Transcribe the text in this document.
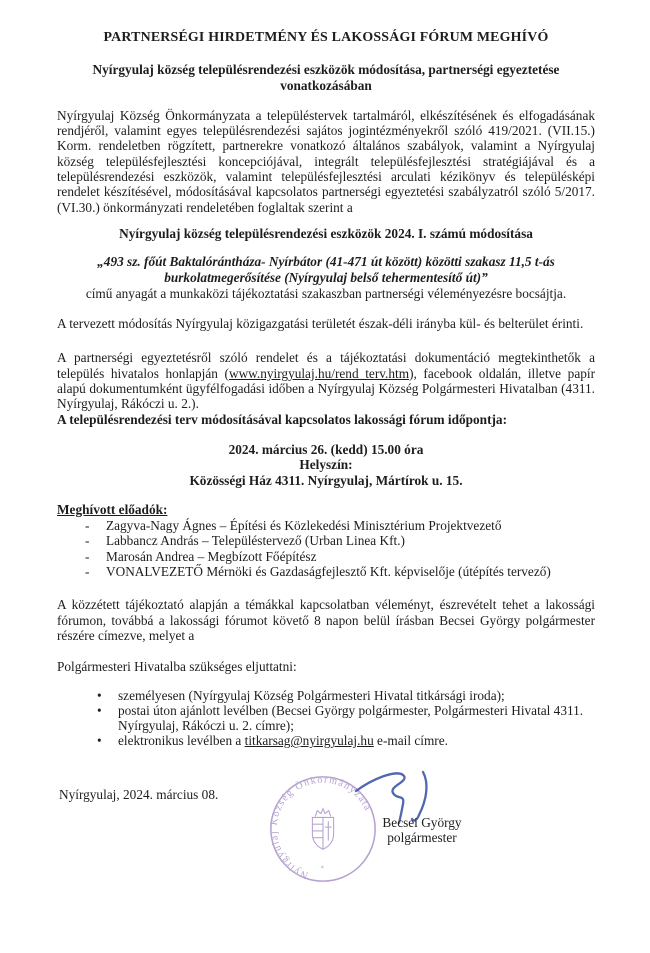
PARTNERSÉGI HIRDETMÉNY ÉS LAKOSSÁGI FÓRUM MEGHÍVÓ
Nyírgyulaj község településrendezési eszközök módosítása, partnerségi egyeztetése vonatkozásában

Nyírgyulaj Község Önkormányzata a településtervek tartalmáról, elkészítésének és elfogadásának rendjéről, valamint egyes településrendezési sajátos jogintézményekről szóló 419/2021. (VII.15.) Korm. rendeletben rögzített, partnerekre vonatkozó általános szabályok, valamint a Nyírgyulaj község településfejlesztési koncepciójával, integrált településfejlesztési stratégiájával és a településrendezési eszközök, valamint településfejlesztési arculati kézikönyv és településképi rendelet készítésével, módosításával kapcsolatos partnerségi egyeztetési szabályzatról szóló 5/2017. (VI.30.) önkormányzati rendeletében foglaltak szerint a

Nyírgyulaj község településrendezési eszközök 2024. I. számú módosítása

„493 sz. főút Baktalórántháza- Nyírbátor (41-471 út között) közötti szakasz 11,5 t-ás burkolatmegerősítése (Nyírgyulaj belső tehermentesítő út)”

című anyagát a munkaközi tájékoztatási szakaszban partnerségi véleményezésre bocsájtja.

A tervezett módosítás Nyírgyulaj közigazgatási területét észak-déli irányba kül- és belterület érinti.

A partnerségi egyeztetésről szóló rendelet és a tájékoztatási dokumentáció megtekinthetők a település hivatalos honlapján (www.nyirgyulaj.hu/rend_terv.htm), facebook oldalán, illetve papír alapú dokumentumként ügyfélfogadási időben a Nyírgyulaj Község Polgármesteri Hivatalban (4311. Nyírgyulaj, Rákóczi u. 2.).

A településrendezési terv módosításával kapcsolatos lakossági fórum időpontja:

2024. március 26. (kedd) 15.00 óra

Helyszín:

Közösségi Ház 4311. Nyírgyulaj, Mártírok u. 15.

Meghívott előadók:

-	Zagyva-Nagy Ágnes – Építési és Közlekedési Minisztérium Projektvezető
-	Labbancz András – Településtervező (Urban Linea Kft.)
-	Marosán Andrea – Megbízott Főépítész
-	VONALVEZETŐ Mérnöki és Gazdaságfejlesztő Kft. képviselője (útépítés tervező)

A közzétett tájékoztató alapján a témákkal kapcsolatban véleményt, észrevételt tehet a lakossági fórumon, továbbá a lakossági fórumot követő 8 napon belül írásban Becsei György polgármester részére címezve, melyet a

Polgármesteri Hivatalba szükséges eljuttatni:

•	személyesen (Nyírgyulaj Község Polgármesteri Hivatal titkársági iroda);
•	postai úton ajánlott levélben (Becsei György polgármester, Polgármesteri Hivatal 4311. Nyírgyulaj, Rákóczi u. 2. címre);
•	elektronikus levélben a titkarsag@nyirgyulaj.hu e-mail címre.

Nyírgyulaj, 2024. március 08.

Nyírgyulaj Község Önkormányzata
*

Becsei György

polgármester
